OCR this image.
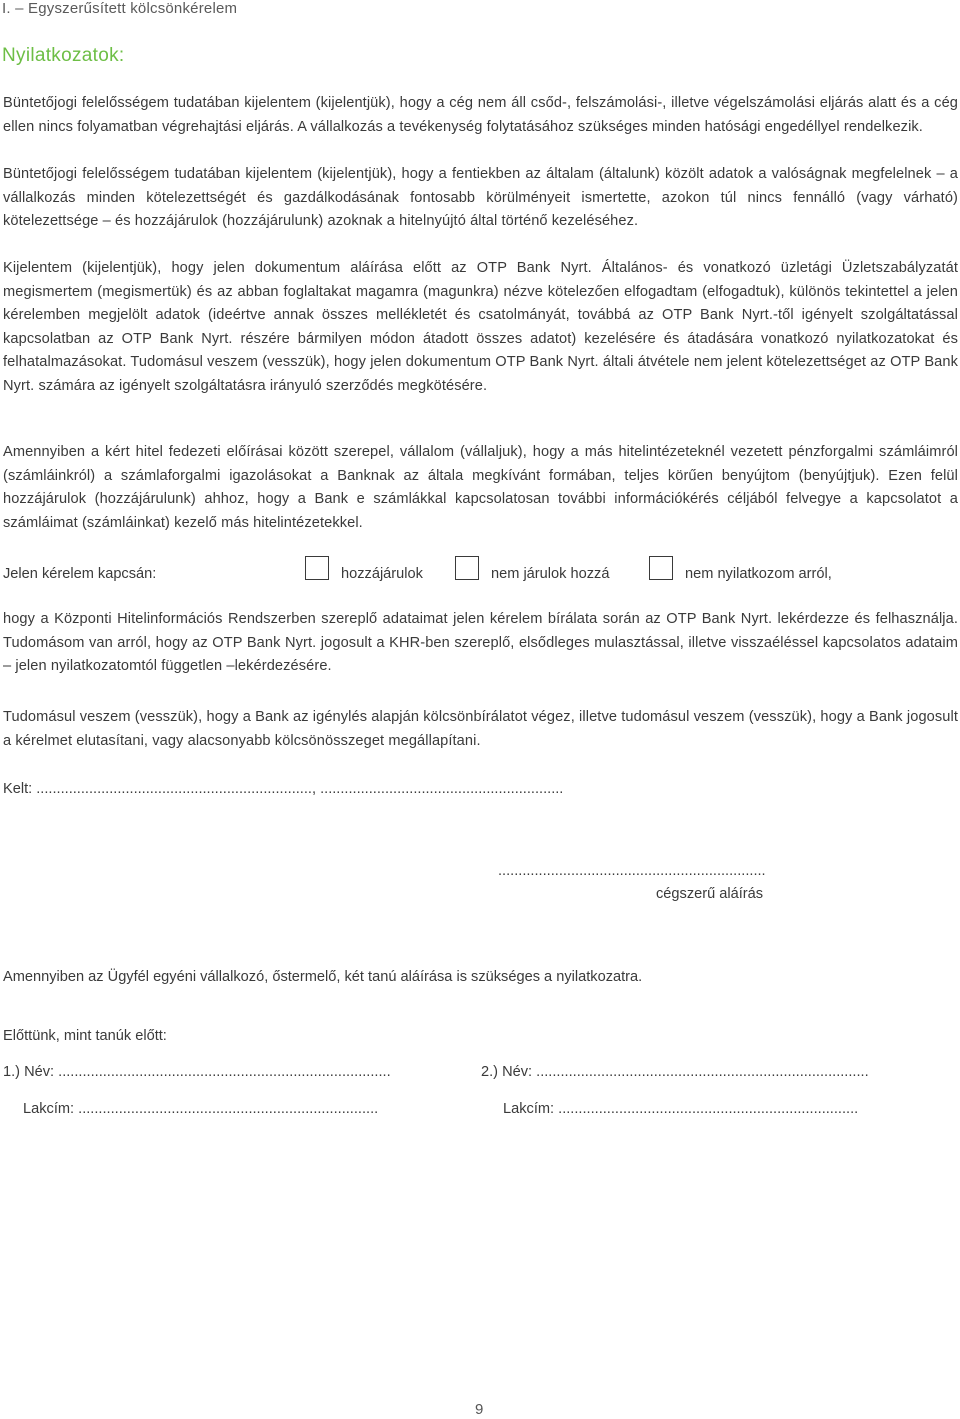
I. – Egyszerűsített kölcsönkérelem
Nyilatkozatok:

Büntetőjogi felelősségem tudatában kijelentem (kijelentjük), hogy a cég nem áll csőd-, felszámolási-, illetve végelszámolási eljárás alatt és a cég ellen nincs folyamatban végrehajtási eljárás. A vállalkozás a tevékenység folytatásához szükséges minden hatósági engedéllyel rendelkezik.

Büntetőjogi felelősségem tudatában kijelentem (kijelentjük), hogy a fentiekben az általam (általunk) közölt adatok a valóságnak megfelelnek – a vállalkozás minden kötelezettségét és gazdálkodásának fontosabb körülményeit ismertette, azokon túl nincs fennálló (vagy várható) kötelezettsége – és hozzájárulok (hozzájárulunk) azoknak a hitelnyújtó által történő kezeléséhez.

Kijelentem (kijelentjük), hogy jelen dokumentum aláírása előtt az OTP Bank Nyrt. Általános- és vonatkozó üzletági Üzletszabályzatát megismertem (megismertük) és az abban foglaltakat magamra (magunkra) nézve kötelezően elfogadtam (elfogadtuk), különös tekintettel a jelen kérelemben megjelölt adatok (ideértve annak összes mellékletét és csatolmányát, továbbá az OTP Bank Nyrt.-től igényelt szolgáltatással kapcsolatban az OTP Bank Nyrt. részére bármilyen módon átadott összes adatot) kezelésére és átadására vonatkozó nyilatkozatokat és felhatalmazásokat. Tudomásul veszem (vesszük), hogy jelen dokumentum OTP Bank Nyrt. általi átvétele nem jelent kötelezettséget az OTP Bank Nyrt. számára az igényelt szolgáltatásra irányuló szerződés megkötésére.

Amennyiben a kért hitel fedezeti előírásai között szerepel, vállalom (vállaljuk), hogy a más hitelintézeteknél vezetett pénzforgalmi számláimról (számláinkról) a számlaforgalmi igazolásokat a Banknak az általa megkívánt formában, teljes körűen benyújtom (benyújtjuk). Ezen felül hozzájárulok (hozzájárulunk) ahhoz, hogy a Bank e számlákkal kapcsolatosan további információkérés céljából felvegye a kapcsolatot a számláimat (számláinkat) kezelő más hitelintézetekkel.

Jelen kérelem kapcsán:	hozzájárulok	nem járulok hozzá	nem nyilatkozom arról,

hogy a Központi Hitelinformációs Rendszerben szereplő adataimat jelen kérelem bírálata során az OTP Bank Nyrt. lekérdezze és felhasználja. Tudomásom van arról, hogy az OTP Bank Nyrt. jogosult a KHR-ben szereplő, elsődleges mulasztással, illetve visszaéléssel kapcsolatos adataim – jelen nyilatkozatomtól független –lekérdezésére.

Tudomásul veszem (vesszük), hogy a Bank az igénylés alapján kölcsönbírálatot végez, illetve tudomásul veszem (vesszük), hogy a Bank jogosult a kérelmet elutasítani, vagy alacsonyabb kölcsönösszeget megállapítani.

Kelt: ...................................................................., ............................................................
..................................................................
cégszerű aláírás
Amennyiben az Ügyfél egyéni vállalkozó, őstermelő, két tanú aláírása is szükséges a nyilatkozatra.
Előttünk, mint tanúk előtt:
1.) Név: ..................................................................................	2.) Név: ..................................................................................
Lakcím: ..........................................................................	Lakcím: ..........................................................................
9
